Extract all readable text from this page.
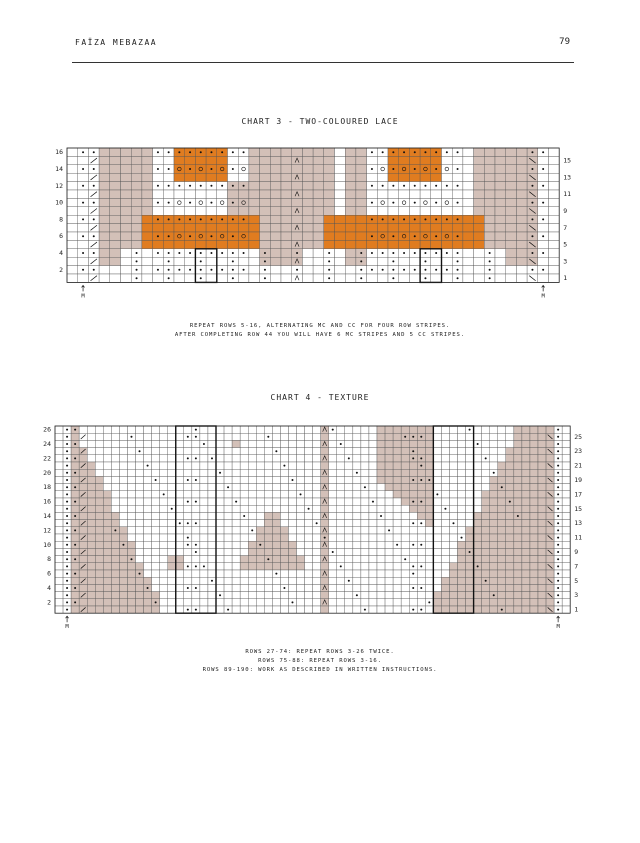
FAÏZA MEBAZAA	79
CHART 3 - TWO-COLOURED LACE
16
14
12
10
8
6
4
2
15
13
11
9
7
5
3
1
M	M
REPEAT ROWS 5-16, ALTERNATING MC AND CC FOR FOUR ROW STRIPES.
AFTER COMPLETING ROW 44 YOU WILL HAVE 6 MC STRIPES AND 5 CC STRIPES.
CHART 4 - TEXTURE
26
24
22
20
18
16
14
12
10
8
6
4
2
25
23
21
19
17
15
13
11
9
7
5
3
1
M	M
ROWS 27-74: REPEAT ROWS 3-26 TWICE.
ROWS 75-88: REPEAT ROWS 3-16.
ROWS 89-190: WORK AS DESCRIBED IN WRITTEN INSTRUCTIONS.
